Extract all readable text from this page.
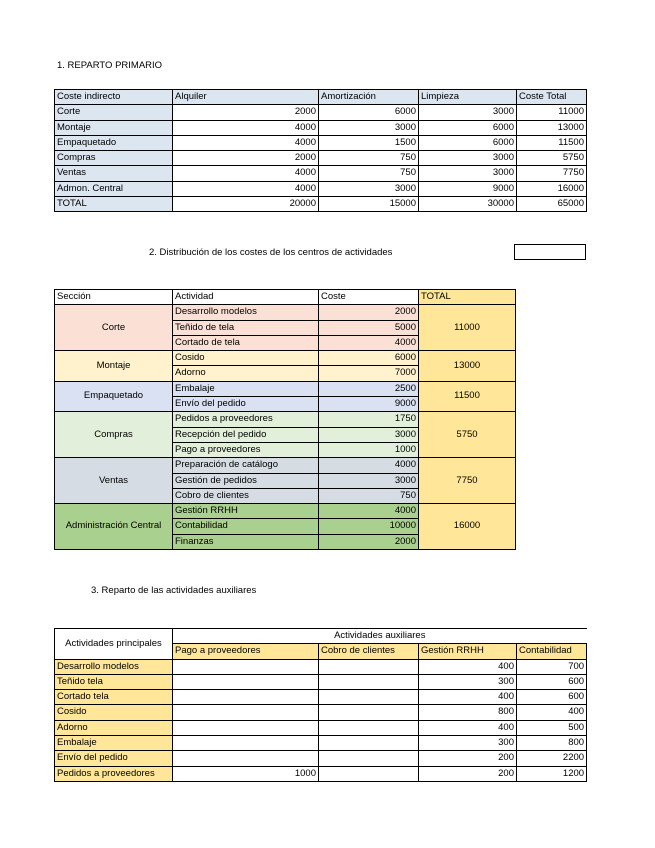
1. REPARTO PRIMARIO
Coste indirecto	Alquiler	Amortización	Limpieza	Coste Total
Corte	2000	6000	3000	11000
Montaje	4000	3000	6000	13000
Empaquetado	4000	1500	6000	11500
Compras	2000	750	3000	5750
Ventas	4000	750	3000	7750
Admon. Central	4000	3000	9000	16000
TOTAL	20000	15000	30000	65000
2. Distribución de los costes de los centros de actividades
Sección	Actividad	Coste	TOTAL
Corte	Desarrollo modelos	2000	11000
	Teñido de tela	5000	
	Cortado de tela	4000	
Montaje	Cosido	6000	13000
	Adorno	7000	
Empaquetado	Embalaje	2500	11500
	Envío del pedido	9000	
Compras	Pedidos a proveedores	1750	5750
	Recepción del pedido	3000	
	Pago a proveedores	1000	
Ventas	Preparación de catálogo	4000	7750
	Gestión de pedidos	3000	
	Cobro de clientes	750	
Administración Central	Gestión RRHH	4000	16000
	Contabilidad	10000	
	Finanzas	2000	
3. Reparto de las actividades auxiliares
Actividades principales	Actividades auxiliares			
	Pago a proveedores	Cobro de clientes	Gestión RRHH	Contabilidad
Desarrollo modelos			400	700
Teñido tela			300	600
Cortado tela			400	600
Cosido			800	400
Adorno			400	500
Embalaje			300	800
Envío del pedido			200	2200
Pedidos a proveedores	1000		200	1200
